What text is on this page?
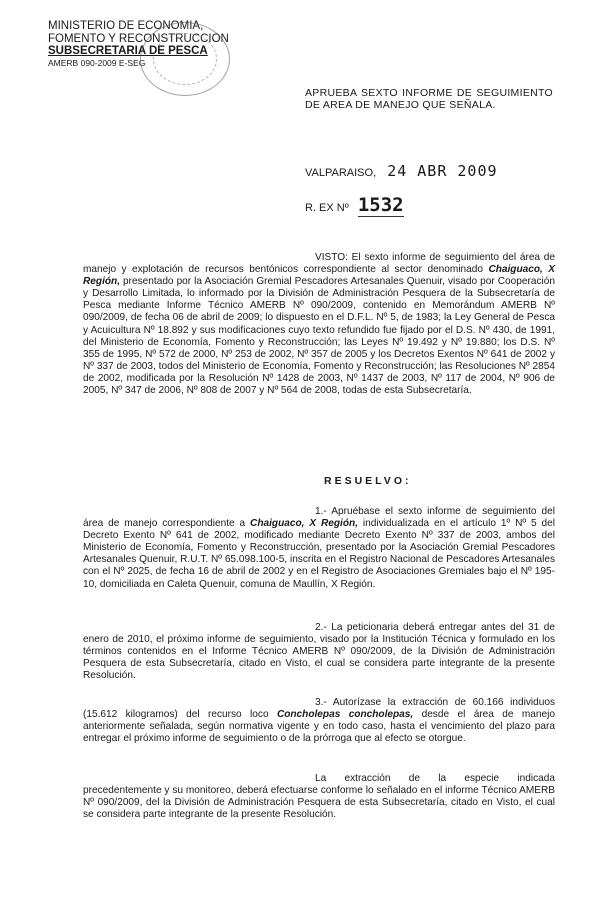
MINISTERIO DE ECONOMIA,
FOMENTO Y RECONSTRUCCION
SUBSECRETARIA DE PESCA
AMERB 090-2009 E-SEG
APRUEBA SEXTO INFORME DE SEGUIMIENTO DE AREA DE MANEJO QUE SEÑALA.
VALPARAISO, 24 ABR 2009
R. EX Nº 1532
VISTO: El sexto informe de seguimiento del área de manejo y explotación de recursos bentónicos correspondiente al sector denominado Chaiguaco, X Región, presentado por la Asociación Gremial Pescadores Artesanales Quenuir, visado por Cooperación y Desarrollo Limitada, lo informado por la División de Administración Pesquera de la Subsecretaría de Pesca mediante Informe Técnico AMERB Nº 090/2009, contenido en Memorándum AMERB Nº 090/2009, de fecha 06 de abril de 2009; lo dispuesto en el D.F.L. Nº 5, de 1983; la Ley General de Pesca y Acuicultura Nº 18.892 y sus modificaciones cuyo texto refundido fue fijado por el D.S. Nº 430, de 1991, del Ministerio de Economía, Fomento y Reconstrucción; las Leyes Nº 19.492 y Nº 19.880; los D.S. Nº 355 de 1995, Nº 572 de 2000, Nº 253 de 2002, Nº 357 de 2005 y los Decretos Exentos Nº 641 de 2002 y Nº 337 de 2003, todos del Ministerio de Economía, Fomento y Reconstrucción; las Resoluciones Nº 2854 de 2002, modificada por la Resolución Nº 1428 de 2003, Nº 1437 de 2003, Nº 117 de 2004, Nº 906 de 2005, Nº 347 de 2006, Nº 808 de 2007 y Nº 564 de 2008, todas de esta Subsecretaría.
RESUELVO:
1.- Apruébase el sexto informe de seguimiento del área de manejo correspondiente a Chaiguaco, X Región, individualizada en el artículo 1º Nº 5 del Decreto Exento Nº 641 de 2002, modificado mediante Decreto Exento Nº 337 de 2003, ambos del Ministerio de Economía, Fomento y Reconstrucción, presentado por la Asociación Gremial Pescadores Artesanales Quenuir, R.U.T. Nº 65.098.100-5, inscrita en el Registro Nacional de Pescadores Artesanales con el Nº 2025, de fecha 16 de abril de 2002 y en el Registro de Asociaciones Gremiales bajo el Nº 195-10, domiciliada en Caleta Quenuir, comuna de Maullín, X Región.
2.- La peticionaria deberá entregar antes del 31 de enero de 2010, el próximo informe de seguimiento, visado por la Institución Técnica y formulado en los términos contenidos en el Informe Técnico AMERB Nº 090/2009, de la División de Administración Pesquera de esta Subsecretaría, citado en Visto, el cual se considera parte integrante de la presente Resolución.
3.- Autorízase la extracción de 60.166 individuos (15.612 kilogramos) del recurso loco Concholepas concholepas, desde el área de manejo anteriormente señalada, según normativa vigente y en todo caso, hasta el vencimiento del plazo para entregar el próximo informe de seguimiento o de la prórroga que al efecto se otorgue.
La extracción de la especie indicada precedentemente y su monitoreo, deberá efectuarse conforme lo señalado en el informe Técnico AMERB Nº 090/2009, del la División de Administración Pesquera de esta Subsecretaría, citado en Visto, el cual se considera parte integrante de la presente Resolución.
